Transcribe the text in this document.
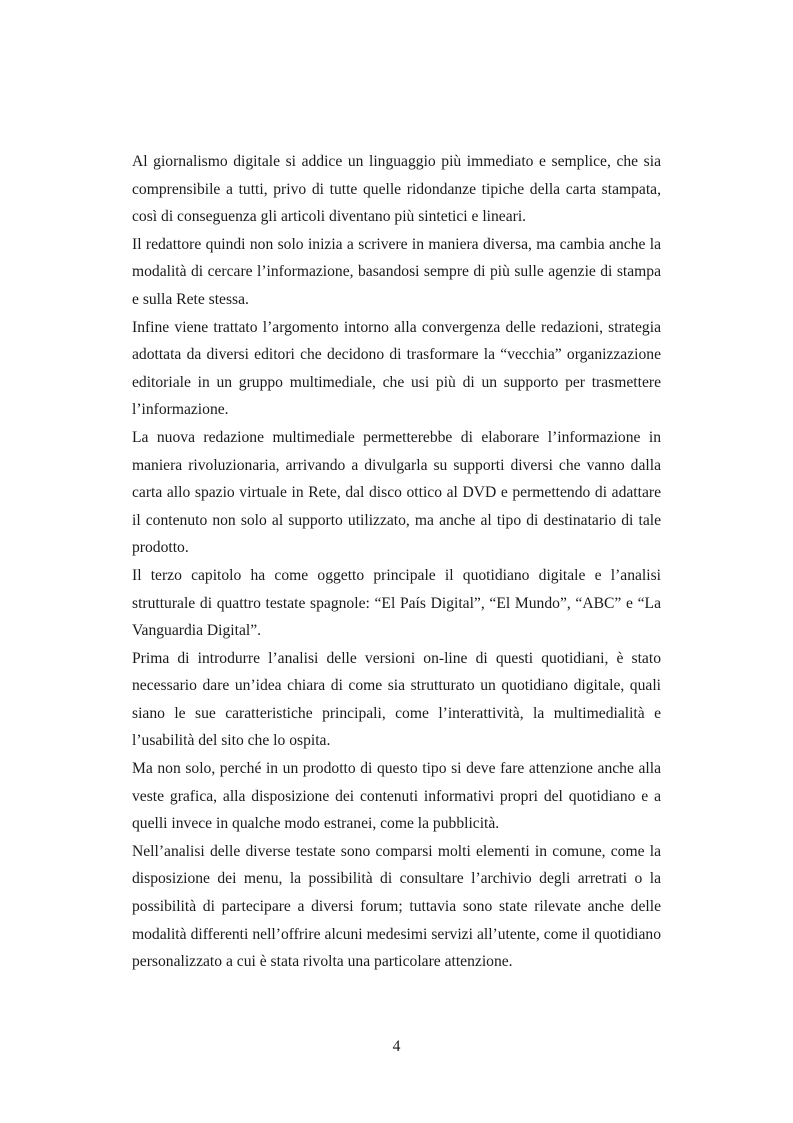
Al giornalismo digitale si addice un linguaggio più immediato e semplice, che sia comprensibile a tutti, privo di tutte quelle ridondanze tipiche della carta stampata, così di conseguenza gli articoli diventano più sintetici e lineari.

Il redattore quindi non solo inizia a scrivere in maniera diversa, ma cambia anche la modalità di cercare l’informazione, basandosi sempre di più sulle agenzie di stampa e sulla Rete stessa.

Infine viene trattato l’argomento intorno alla convergenza delle redazioni, strategia adottata da diversi editori che decidono di trasformare la “vecchia” organizzazione editoriale in un gruppo multimediale, che usi più di un supporto per trasmettere l’informazione.

La nuova redazione multimediale permetterebbe di elaborare l’informazione in maniera rivoluzionaria, arrivando a divulgarla su supporti diversi che vanno dalla carta allo spazio virtuale in Rete, dal disco ottico al DVD e permettendo di adattare il contenuto non solo al supporto utilizzato, ma anche al tipo di destinatario di tale prodotto.

Il terzo capitolo ha come oggetto principale il quotidiano digitale e l’analisi strutturale di quattro testate spagnole: “El País Digital”, “El Mundo”, “ABC” e “La Vanguardia Digital”.

Prima di introdurre l’analisi delle versioni on-line di questi quotidiani, è stato necessario dare un’idea chiara di come sia strutturato un quotidiano digitale, quali siano le sue caratteristiche principali, come l’interattività, la multimedialità e l’usabilità del sito che lo ospita.

Ma non solo, perché in un prodotto di questo tipo si deve fare attenzione anche alla veste grafica, alla disposizione dei contenuti informativi propri del quotidiano e a quelli invece in qualche modo estranei, come la pubblicità.

Nell’analisi delle diverse testate sono comparsi molti elementi in comune, come la disposizione dei menu, la possibilità di consultare l’archivio degli arretrati o la possibilità di partecipare a diversi forum; tuttavia sono state rilevate anche delle modalità differenti nell’offrire alcuni medesimi servizi all’utente, come il quotidiano personalizzato a cui è stata rivolta una particolare attenzione.

4
